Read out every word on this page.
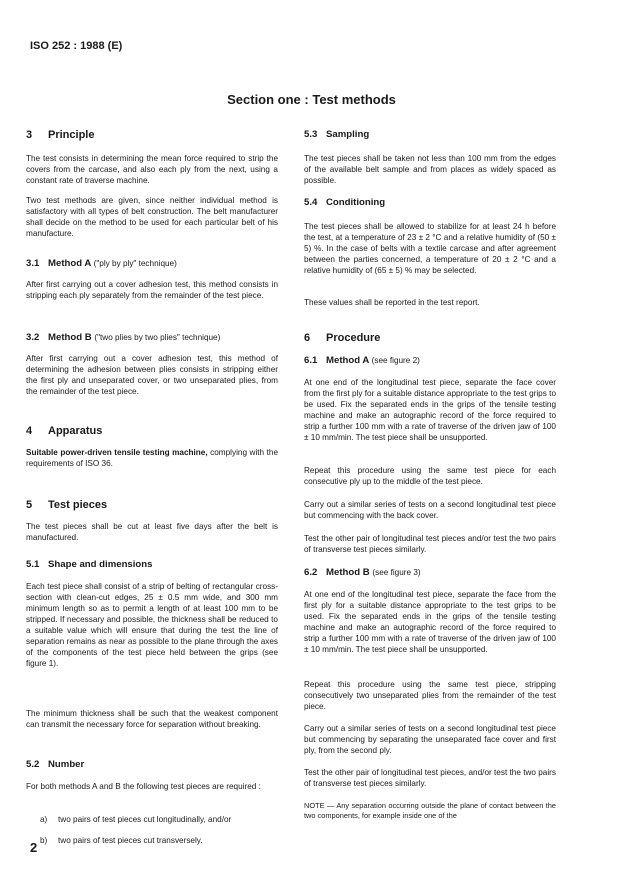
ISO 252 : 1988 (E)
Section one : Test methods
3 Principle

The test consists in determining the mean force required to strip the covers from the carcase, and also each ply from the next, using a constant rate of traverse machine.

Two test methods are given, since neither individual method is satisfactory with all types of belt construction. The belt manufacturer shall decide on the method to be used for each particular belt of his manufacture.

3.1 Method A ("ply by ply" technique)

After first carrying out a cover adhesion test, this method consists in stripping each ply separately from the remainder of the test piece.

3.2 Method B ("two plies by two plies" technique)

After first carrying out a cover adhesion test, this method of determining the adhesion between plies consists in stripping either the first ply and unseparated cover, or two unseparated plies, from the remainder of the test piece.

4 Apparatus

Suitable power-driven tensile testing machine, complying with the requirements of ISO 36.

5 Test pieces

The test pieces shall be cut at least five days after the belt is manufactured.

5.1 Shape and dimensions

Each test piece shall consist of a strip of belting of rectangular cross-section with clean-cut edges, 25 ± 0.5 mm wide, and 300 mm minimum length so as to permit a length of at least 100 mm to be stripped. If necessary and possible, the thickness shall be reduced to a suitable value which will ensure that during the test the line of separation remains as near as possible to the plane through the axes of the components of the test piece held between the grips (see figure 1).

The minimum thickness shall be such that the weakest component can transmit the necessary force for separation without breaking.

5.2 Number

For both methods A and B the following test pieces are required :

a) two pairs of test pieces cut longitudinally, and/or
b) two pairs of test pieces cut transversely.
5.3 Sampling

The test pieces shall be taken not less than 100 mm from the edges of the available belt sample and from places as widely spaced as possible.

5.4 Conditioning

The test pieces shall be allowed to stabilize for at least 24 h before the test, at a temperature of 23 ± 2 °C and a relative humidity of (50 ± 5) %. In the case of belts with a textile carcase and after agreement between the parties concerned, a temperature of 20 ± 2 °C and a relative humidity of (65 ± 5) % may be selected.

These values shall be reported in the test report.

6 Procedure
6.1 Method A (see figure 2)

At one end of the longitudinal test piece, separate the face cover from the first ply for a suitable distance appropriate to the test grips to be used. Fix the separated ends in the grips of the tensile testing machine and make an autographic record of the force required to strip a further 100 mm with a rate of traverse of the driven jaw of 100 ± 10 mm/min. The test piece shall be unsupported.

Repeat this procedure using the same test piece for each consecutive ply up to the middle of the test piece.

Carry out a similar series of tests on a second longitudinal test piece but commencing with the back cover.

Test the other pair of longitudinal test pieces and/or test the two pairs of transverse test pieces similarly.

6.2 Method B (see figure 3)

At one end of the longitudinal test piece, separate the face from the first ply for a suitable distance appropriate to the test grips to be used. Fix the separated ends in the grips of the tensile testing machine and make an autographic record of the force required to strip a further 100 mm with a rate of traverse of the driven jaw of 100 ± 10 mm/min. The test piece shall be unsupported.

Repeat this procedure using the same test piece, stripping consecutively two unseparated plies from the remainder of the test piece.

Carry out a similar series of tests on a second longitudinal test piece but commencing by separating the unseparated face cover and first ply, from the second ply.

Test the other pair of longitudinal test pieces, and/or test the two pairs of transverse test pieces similarly.

NOTE — Any separation occurring outside the plane of contact between the two components, for example inside one of the

2
